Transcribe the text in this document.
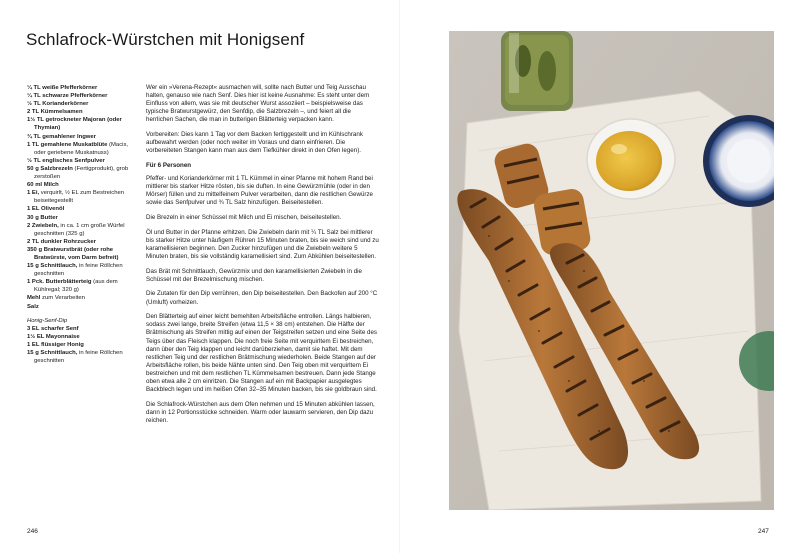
Schlafrock-Würstchen mit Honigsenf
¼ TL weiße Pfefferkörner
¼ TL schwarze Pfefferkörner
½ TL Korianderkörner
2 TL Kümmelsamen
1½ TL getrockneter Majoran (oder Thymian)
¾ TL gemahlener Ingwer
1 TL gemahlene Muskatblüte (Macis, oder geriebene Muskatnuss)
½ TL englisches Senfpulver
50 g Salzbrezeln (Fertigprodukt), grob zerstoßen
60 ml Milch
1 Ei, verquirlt, ½ EL zum Bestreichen beiseitegestellt
1 EL Olivenöl
30 g Butter
2 Zwiebeln, in ca. 1 cm große Würfel geschnitten (325 g)
2 TL dunkler Rohrzucker
350 g Bratwurstbrät (oder rohe Bratwürste, vom Darm befreit)
15 g Schnittlauch, in feine Röllchen geschnitten
1 Pck. Butterblätterteig (aus dem Kühlregal; 320 g)
Mehl zum Verarbeiten
Salz
Honig-Senf-Dip
3 EL scharfer Senf
1½ EL Mayonnaise
1 EL flüssiger Honig
15 g Schnittlauch, in feine Röllchen geschnitten

Wer ein »Verena-Rezept« ausmachen will, sollte nach Butter und Teig Ausschau halten, genauso wie nach Senf. Dies hier ist keine Ausnahme: Es steht unter dem Einfluss von allem, was sie mit deutscher Wurst assoziiert – beispielsweise das typische Bratwurstgewürz, den Senfdip, die Salzbrezeln –, und feiert all die herrlichen Sachen, die man in butterigen Blätterteig verpacken kann.

Vorbereiten: Dies kann 1 Tag vor dem Backen fertiggestellt und im Kühlschrank aufbewahrt werden (oder noch weiter im Voraus und dann einfrieren. Die vorbereiteten Stangen kann man aus dem Tiefkühler direkt in den Ofen legen).

Für 6 Personen

Pfeffer- und Korianderkörner mit 1 TL Kümmel in einer Pfanne mit hohem Rand bei mittlerer bis starker Hitze rösten, bis sie duften. In eine Gewürzmühle (oder in den Mörser) füllen und zu mittelfeinem Pulver verarbeiten, dann die restlichen Gewürze sowie das Senfpulver und ¾ TL Salz hinzufügen. Beiseitestellen.

Die Brezeln in einer Schüssel mit Milch und Ei mischen, beiseitestellen.

Öl und Butter in der Pfanne erhitzen. Die Zwiebeln darin mit ¼ TL Salz bei mittlerer bis starker Hitze unter häufigem Rühren 15 Minuten braten, bis sie weich sind und zu karamellisieren beginnen. Den Zucker hinzufügen und die Zwiebeln weitere 5 Minuten braten, bis sie vollständig karamellisiert sind. Zum Abkühlen beiseitestellen.

Das Brät mit Schnittlauch, Gewürzmix und den karamellisierten Zwiebeln in die Schüssel mit der Brezelmischung mischen.

Die Zutaten für den Dip verrühren, den Dip beiseitestellen. Den Backofen auf 200 °C (Umluft) vorheizen.

Den Blätterteig auf einer leicht bemehlten Arbeitsfläche entrollen. Längs halbieren, sodass zwei lange, breite Streifen (etwa 11,5 × 38 cm) entstehen. Die Hälfte der Brätmischung als Streifen mittig auf einen der Teigstreifen setzen und eine Seite des Teigs über das Fleisch klappen. Die noch freie Seite mit verquirltem Ei bestreichen, dann über den Teig klappen und leicht darüberziehen, damit sie haftet. Mit dem restlichen Teig und der restlichen Brätmischung wiederholen. Beide Stangen auf der Arbeitsfläche rollen, bis beide Nähte unten sind. Den Teig oben mit verquirltem Ei bestreichen und mit dem restlichen TL Kümmelsamen bestreuen. Dann jede Stange oben etwa alle 2 cm einritzen. Die Stangen auf ein mit Backpapier ausgelegtes Backblech legen und im heißen Ofen 32–35 Minuten backen, bis sie goldbraun sind.

Die Schlafrock-Würstchen aus dem Ofen nehmen und 15 Minuten abkühlen lassen, dann in 12 Portionsstücke schneiden. Warm oder lauwarm servieren, den Dip dazu reichen.

246	247
